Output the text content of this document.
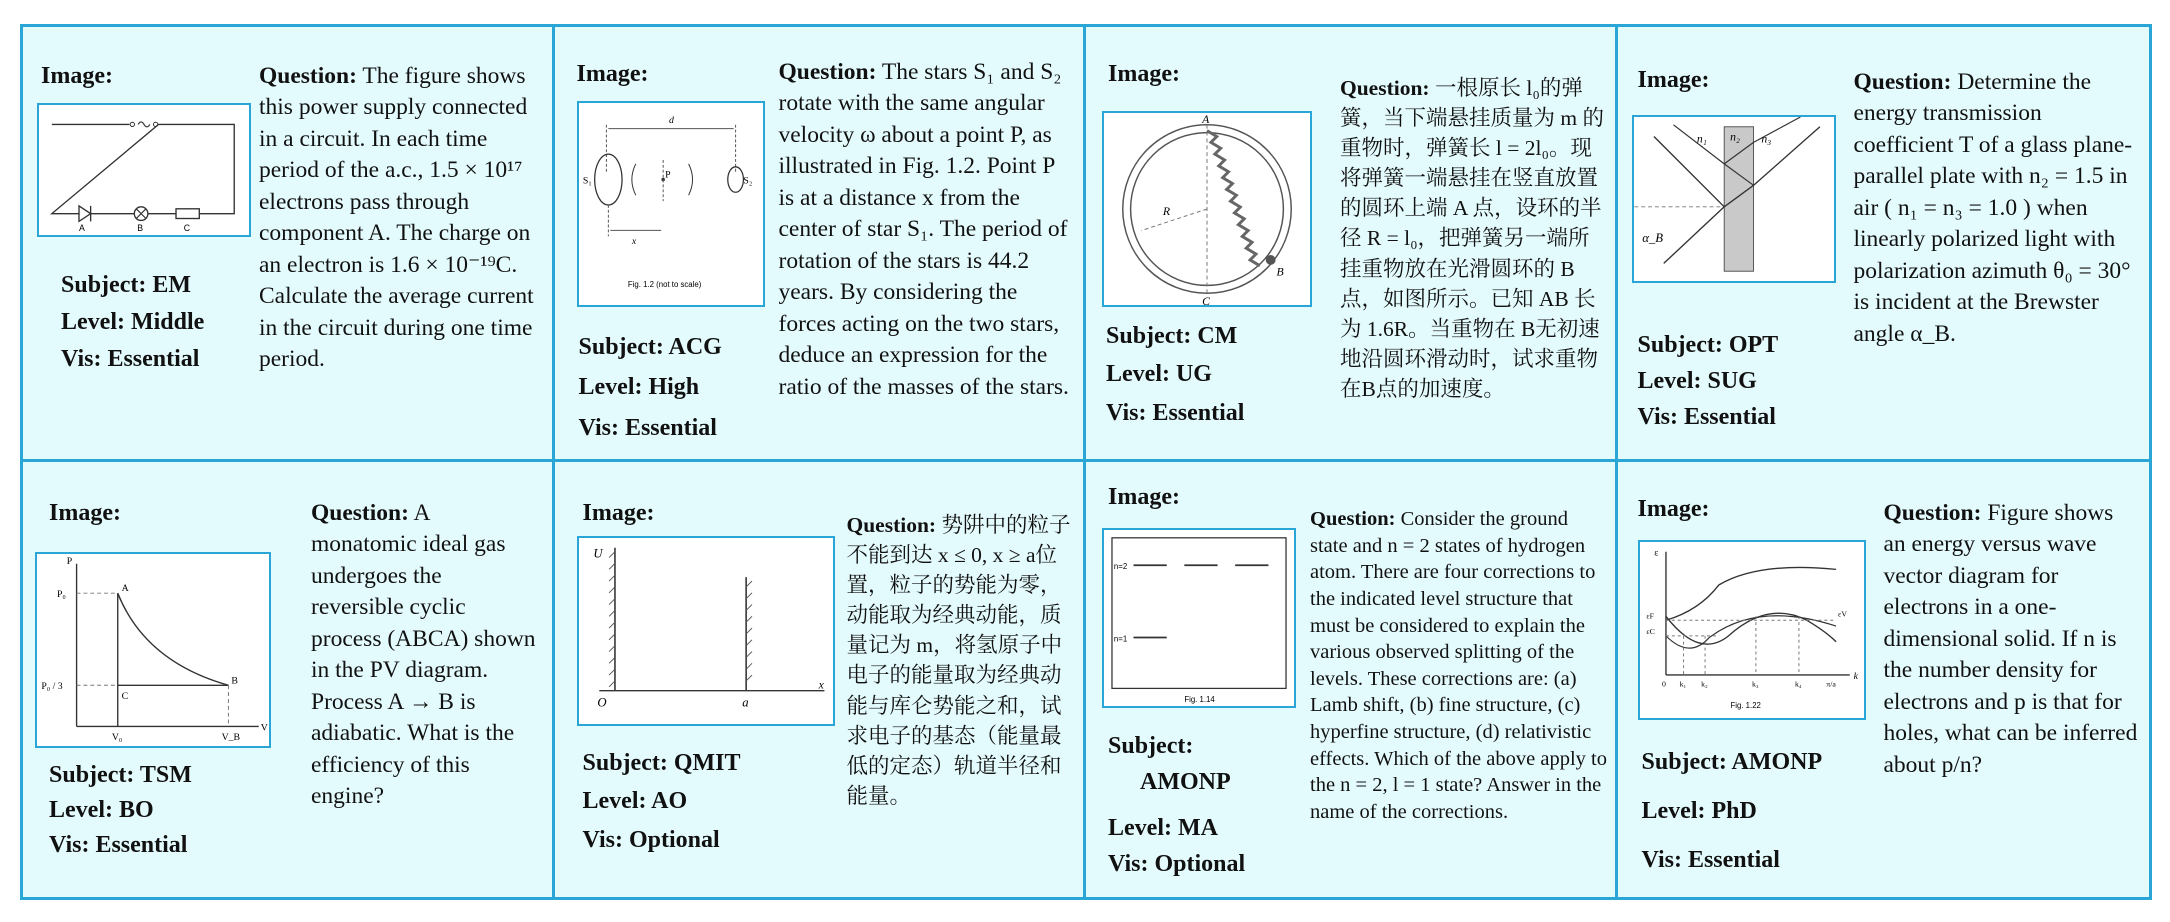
Image:
A	B	C
Subject: EM
Level: Middle
Vis: Essential
Question: The figure shows this power supply connected in a circuit. In each time period of the a.c., 1.5 × 10¹⁷ electrons pass through component A. The charge on an electron is 1.6 × 10⁻¹⁹C. Calculate the average current in the circuit during one time period.
Image:
d
S₁	S₂
P
x
Fig. 1.2 (not to scale)
Subject: ACG
Level: High
Vis: Essential
Question: The stars S₁ and S₂ rotate with the same angular velocity ω about a point P, as illustrated in Fig. 1.2. Point P is at a distance x from the center of star S₁. The period of rotation of the stars is 44.2 years. By considering the forces acting on the two stars, deduce an expression for the ratio of the masses of the stars.
Image:
A
B
C
R
Subject: CM
Level: UG
Vis: Essential
Question: 一根原长 l₀的弹簧，当下端悬挂质量为 m 的重物时，弹簧长 l = 2l₀。现将弹簧一端悬挂在竖直放置的圆环上端 A 点，设环的半径 R = l₀，把弹簧另一端所挂重物放在光滑圆环的 B 点，如图所示。已知 AB 长为 1.6R。当重物在 B无初速地沿圆环滑动时，试求重物在B点的加速度。
Image:
n₁ n₂ n₃
α_B
Subject: OPT
Level: SUG
Vis: Essential
Question: Determine the energy transmission coefficient T of a glass plane-parallel plate with n₂ = 1.5 in air ( n₁ = n₃ = 1.0 ) when linearly polarized light with polarization azimuth θ₀ = 30° is incident at the Brewster angle α_B.
Image:
P
V
A
B
C
P₀
P₀ / 3
V₀	V_B
Subject: TSM
Level: BO
Vis: Essential
Question: A monatomic ideal gas undergoes the reversible cyclic process (ABCA) shown in the PV diagram. Process A → B is adiabatic. What is the efficiency of this engine?
Image:
U
O	a
x
Subject: QMIT
Level: AO
Vis: Optional
Question: 势阱中的粒子不能到达 x ≤ 0, x ≥ a位置，粒子的势能为零，动能取为经典动能，质量记为 m，将氢原子中电子的能量取为经典动能与库仑势能之和，试求电子的基态（能量最低的定态）轨道半径和能量。
Image:
n=2
n=1
Fig. 1.14
Subject:
AMONP
Level: MA
Vis: Optional
Question: Consider the ground state and n = 2 states of hydrogen atom. There are four corrections to the indicated level structure that must be considered to explain the various observed splitting of the levels. These corrections are: (a) Lamb shift, (b) fine structure, (c) hyperfine structure, (d) relativistic effects. Which of the above apply to the n = 2, l = 1 state? Answer in the name of the corrections.
Image:
ε
k
εF
εC
εV
0 k₁ k₂	k₃	k₄	π/a
Fig. 1.22
Subject: AMONP
Level: PhD
Vis: Essential
Question: Figure shows an energy versus wave vector diagram for electrons in a one-dimensional solid. If n is the number density for electrons and p is that for holes, what can be inferred about p/n?
